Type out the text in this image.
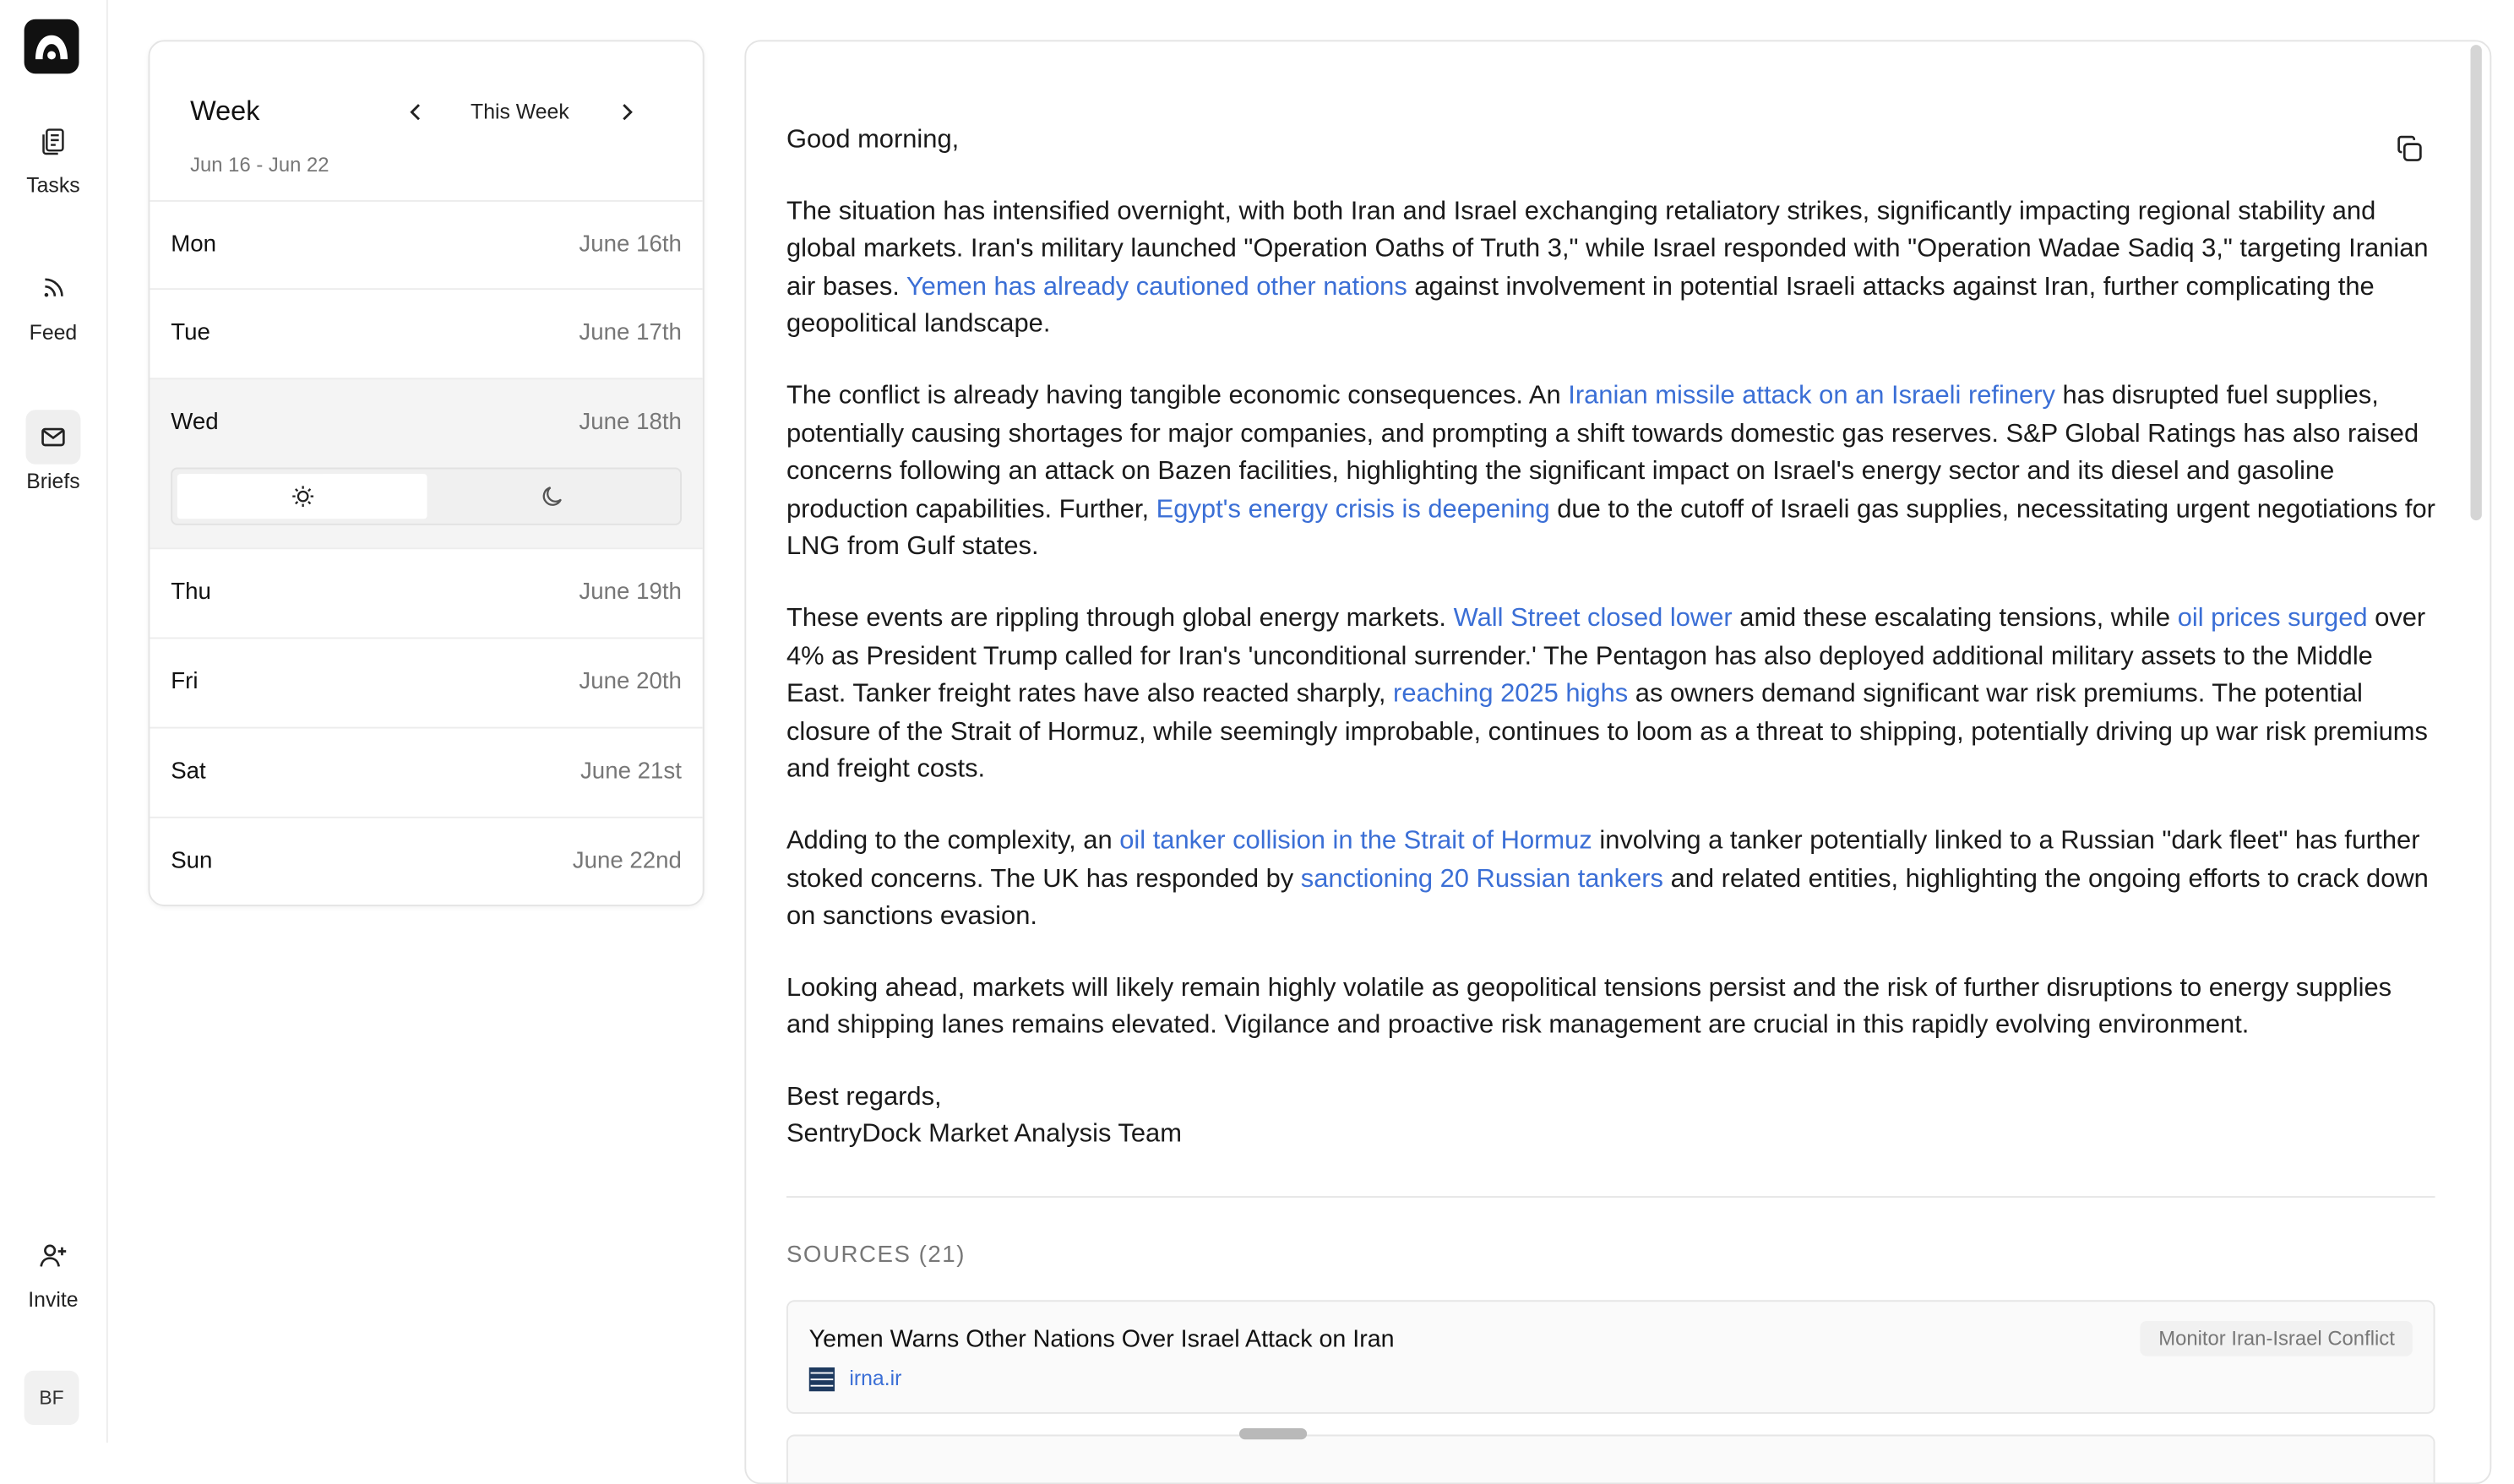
Tasks
Feed
Briefs
Invite
BF
Week
Jun 16 - Jun 22
This Week
Mon	June 16th
Tue	June 17th
Wed	June 18th
Thu	June 19th
Fri	June 20th
Sat	June 21st
Sun	June 22nd

Good morning,

The situation has intensified overnight, with both Iran and Israel exchanging retaliatory strikes, significantly impacting regional stability and global markets. Iran's military launched "Operation Oaths of Truth 3," while Israel responded with "Operation Wadae Sadiq 3," targeting Iranian air bases. Yemen has already cautioned other nations against involvement in potential Israeli attacks against Iran, further complicating the geopolitical landscape.

The conflict is already having tangible economic consequences. An Iranian missile attack on an Israeli refinery has disrupted fuel supplies, potentially causing shortages for major companies, and prompting a shift towards domestic gas reserves. S&P Global Ratings has also raised concerns following an attack on Bazen facilities, highlighting the significant impact on Israel's energy sector and its diesel and gasoline production capabilities. Further, Egypt's energy crisis is deepening due to the cutoff of Israeli gas supplies, necessitating urgent negotiations for LNG from Gulf states.

These events are rippling through global energy markets. Wall Street closed lower amid these escalating tensions, while oil prices surged over 4% as President Trump called for Iran's 'unconditional surrender.' The Pentagon has also deployed additional military assets to the Middle East. Tanker freight rates have also reacted sharply, reaching 2025 highs as owners demand significant war risk premiums. The potential closure of the Strait of Hormuz, while seemingly improbable, continues to loom as a threat to shipping, potentially driving up war risk premiums and freight costs.

Adding to the complexity, an oil tanker collision in the Strait of Hormuz involving a tanker potentially linked to a Russian "dark fleet" has further stoked concerns. The UK has responded by sanctioning 20 Russian tankers and related entities, highlighting the ongoing efforts to crack down on sanctions evasion.

Looking ahead, markets will likely remain highly volatile as geopolitical tensions persist and the risk of further disruptions to energy supplies and shipping lanes remains elevated. Vigilance and proactive risk management are crucial in this rapidly evolving environment.

Best regards,

SentryDock Market Analysis Team

SOURCES (21)
Yemen Warns Other Nations Over Israel Attack on Iran	Monitor Iran-Israel Conflict
irna.ir
